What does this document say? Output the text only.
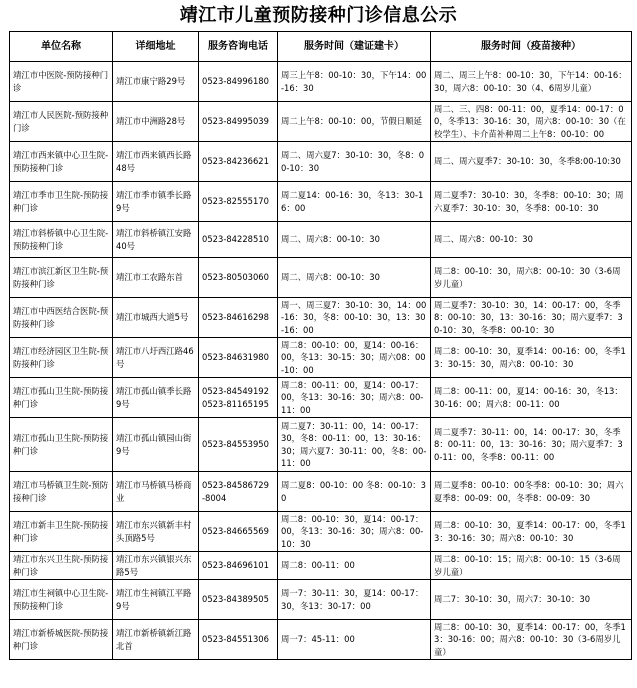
靖江市儿童预防接种门诊信息公示
单位名称	详细地址	服务咨询电话	服务时间（建证建卡）	服务时间（疫苗接种）
靖江市中医院-预防接种门诊	靖江市康宁路29号	0523-84996180	周三上午8：00-10：30，下午14：00-16：30	周二、周三上午8：00-10：30，下午14：00-16：30，周六8：00-10：30（4、6周岁儿童）
靖江市人民医院-预防接种门诊	靖江市中洲路28号	0523-84995039	周二上午8：00-10：00，节假日顺延	周二、三、四8：00-11：00，夏季14：00-17：00，冬季13：30-16：30，周六8：00-10：30（在校学生）、卡介苗补种周二上午8：00-10：00
靖江市西来镇中心卫生院-预防接种门诊	靖江市西来镇西长路48号	0523-84236621	周二、周六夏7：30-10：30，冬8：00-10：30	周二、周六夏季7：30-10：30，冬季8:00-10:30
靖江市季市卫生院-预防接种门诊	靖江市季市镇季长路9号	0523-82555170	周二夏14：00-16：30，冬13：30-16：00	周二夏季7：30-10：30，冬季8：00-10：30；周六夏季7：30-10：30，冬季8：00-10：30
靖江市斜桥镇中心卫生院-预防接种门诊	靖江市斜桥镇江安路40号	0523-84228510	周二、周六8：00-10：30	周二、周六8：00-10：30
靖江市滨江新区卫生院-预防接种门诊	靖江市工农路东首	0523-80503060	周二、周六8：00-10：30	周二8：00-10：30，周六8：00-10：30（3-6周岁儿童）
靖江市中西医结合医院-预防接种门诊	靖江市城西大道5号	0523-84616298	周一、周三夏7：30-10：30，14：00-16：30，冬8：00-10：30，13：30-16：00	周二夏季7：30-10：30，14：00-17：00，冬季8：00-10：30，13：30-16：30；周六夏季7：30-10：30，冬季8：00-10：30
靖江市经济园区卫生院-预防接种门诊	靖江市八圩西江路46号	0523-84631980	周二8：00-10：00，夏14：00-16：00，冬13：30-15：30；周六08：00-10：00	周二8：00-10：30，夏季14：00-16：00，冬季13：30-15：30，周六8：00-10：30
靖江市孤山卫生院-预防接种门诊	靖江市孤山镇季长路9号	0523-84549192 0523-81165195	周二8：00-11：00，夏14：00-17：00，冬13：30-16：30；周六8：00-11：00	周二8：00-11：00，夏14：00-16：30，冬13：30-16：00；周六8：00-11：00
靖江市孤山卫生院-预防接种门诊	靖江市孤山镇园山街9号	0523-84553950	周二夏7：30-11：00，14：00-17：30，冬8：00-11：00，13：30-16：30；周六夏7：30-11：00，冬8：00-11：00	周二夏季7：30-11：00，14：00-17：30，冬季8：00-11：00，13：30-16：30；周六夏季7：30-11：00，冬季8：00-11：00
靖江市马桥镇卫生院-预防接种门诊	靖江市马桥镇马桥商业	0523-84586729 -8004	周二夏8：00-10：00 冬8：00-10：30	周二夏季8：00-10：00冬季8：00-10：30；周六夏季8：00-09：00，冬季8：00-09：30
靖江市新丰卫生院-预防接种门诊	靖江市东兴镇新丰村头顶路5号	0523-84665569	周二8：00-10：30，夏14：00-17：00，冬13：30-16：30；周六8：00-10：30	周二8：00-10：30，夏季14：00-17：00，冬季13：30-16：30；周六8：00-10：30
靖江市东兴卫生院-预防接种门诊	靖江市东兴镇银兴东路5号	0523-84696101	周二8：00-11：00	周二8：00-10：15；周六8：00-10：15（3-6周岁儿童）
靖江市生祠镇中心卫生院-预防接种门诊	靖江市生祠镇江平路9号	0523-84389505	周一7：30-11：30，夏14：00-17：30，冬13：30-17：00	周二7：30-10：30，周六7：30-10：30
靖江市新桥城医院-预防接种门诊	靖江市新桥镇新江路北首	0523-84551306	周一7：45-11：00	周二8：00-10：30，夏季14：00-17：00，冬季13：30-16：00；周六8：00-10：30（3-6周岁儿童）
